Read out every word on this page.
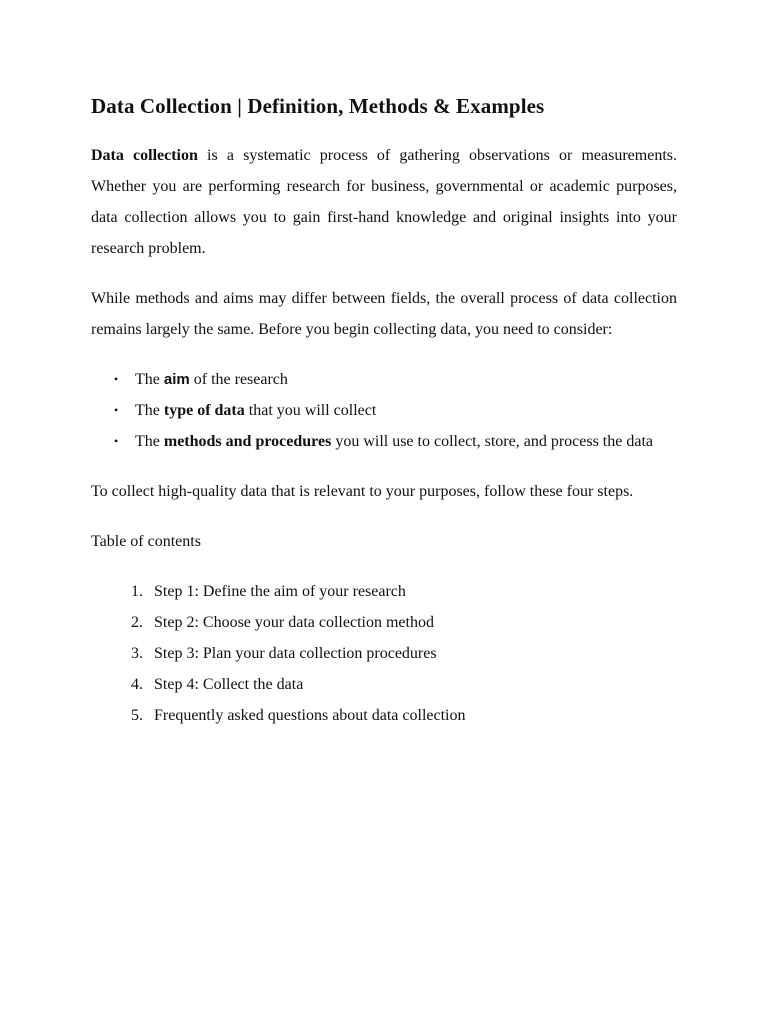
Data Collection | Definition, Methods & Examples

Data collection is a systematic process of gathering observations or measurements. Whether you are performing research for business, governmental or academic purposes, data collection allows you to gain first-hand knowledge and original insights into your research problem.

While methods and aims may differ between fields, the overall process of data collection remains largely the same. Before you begin collecting data, you need to consider:

• The aim of the research
• The type of data that you will collect
• The methods and procedures you will use to collect, store, and process the data

To collect high-quality data that is relevant to your purposes, follow these four steps.

Table of contents

1. Step 1: Define the aim of your research
2. Step 2: Choose your data collection method
3. Step 3: Plan your data collection procedures
4. Step 4: Collect the data
5. Frequently asked questions about data collection
